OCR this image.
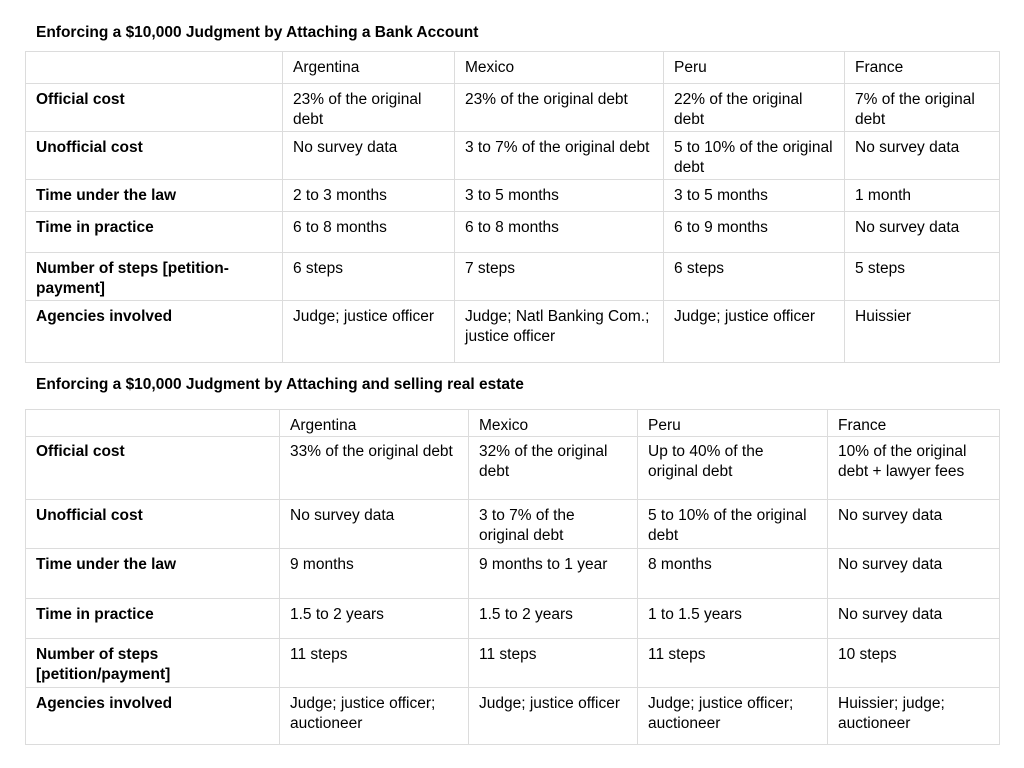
Enforcing a $10,000 Judgment by Attaching a Bank Account
	Argentina	Mexico	Peru	France
Official cost	23% of the original debt	23% of the original debt	22% of the original debt	7% of the original debt
Unofficial cost	No survey data	3 to 7% of the original debt	5 to 10% of the original debt	No survey data
Time under the law	2 to 3 months	3 to 5 months	3 to 5 months	1 month
Time in practice	6 to 8 months	6 to 8 months	6 to 9 months	No survey data
Number of steps [petition-payment]	6 steps	7 steps	6 steps	5 steps
Agencies involved	Judge; justice officer	Judge; Natl Banking Com.; justice officer	Judge; justice officer	Huissier
Enforcing a $10,000 Judgment by Attaching and selling real estate
	Argentina	Mexico	Peru	France
Official cost	33% of the original debt	32% of the original debt	Up to 40% of the original debt	10% of the original debt + lawyer fees
Unofficial cost	No survey data	3 to 7% of the original debt	5 to 10% of the original debt	No survey data
Time under the law	9 months	9 months to 1 year	8 months	No survey data
Time in practice	1.5 to 2 years	1.5 to 2 years	1 to 1.5 years	No survey data
Number of steps [petition/payment]	11 steps	11 steps	11 steps	10 steps
Agencies involved	Judge; justice officer; auctioneer	Judge; justice officer	Judge; justice officer; auctioneer	Huissier; judge; auctioneer
